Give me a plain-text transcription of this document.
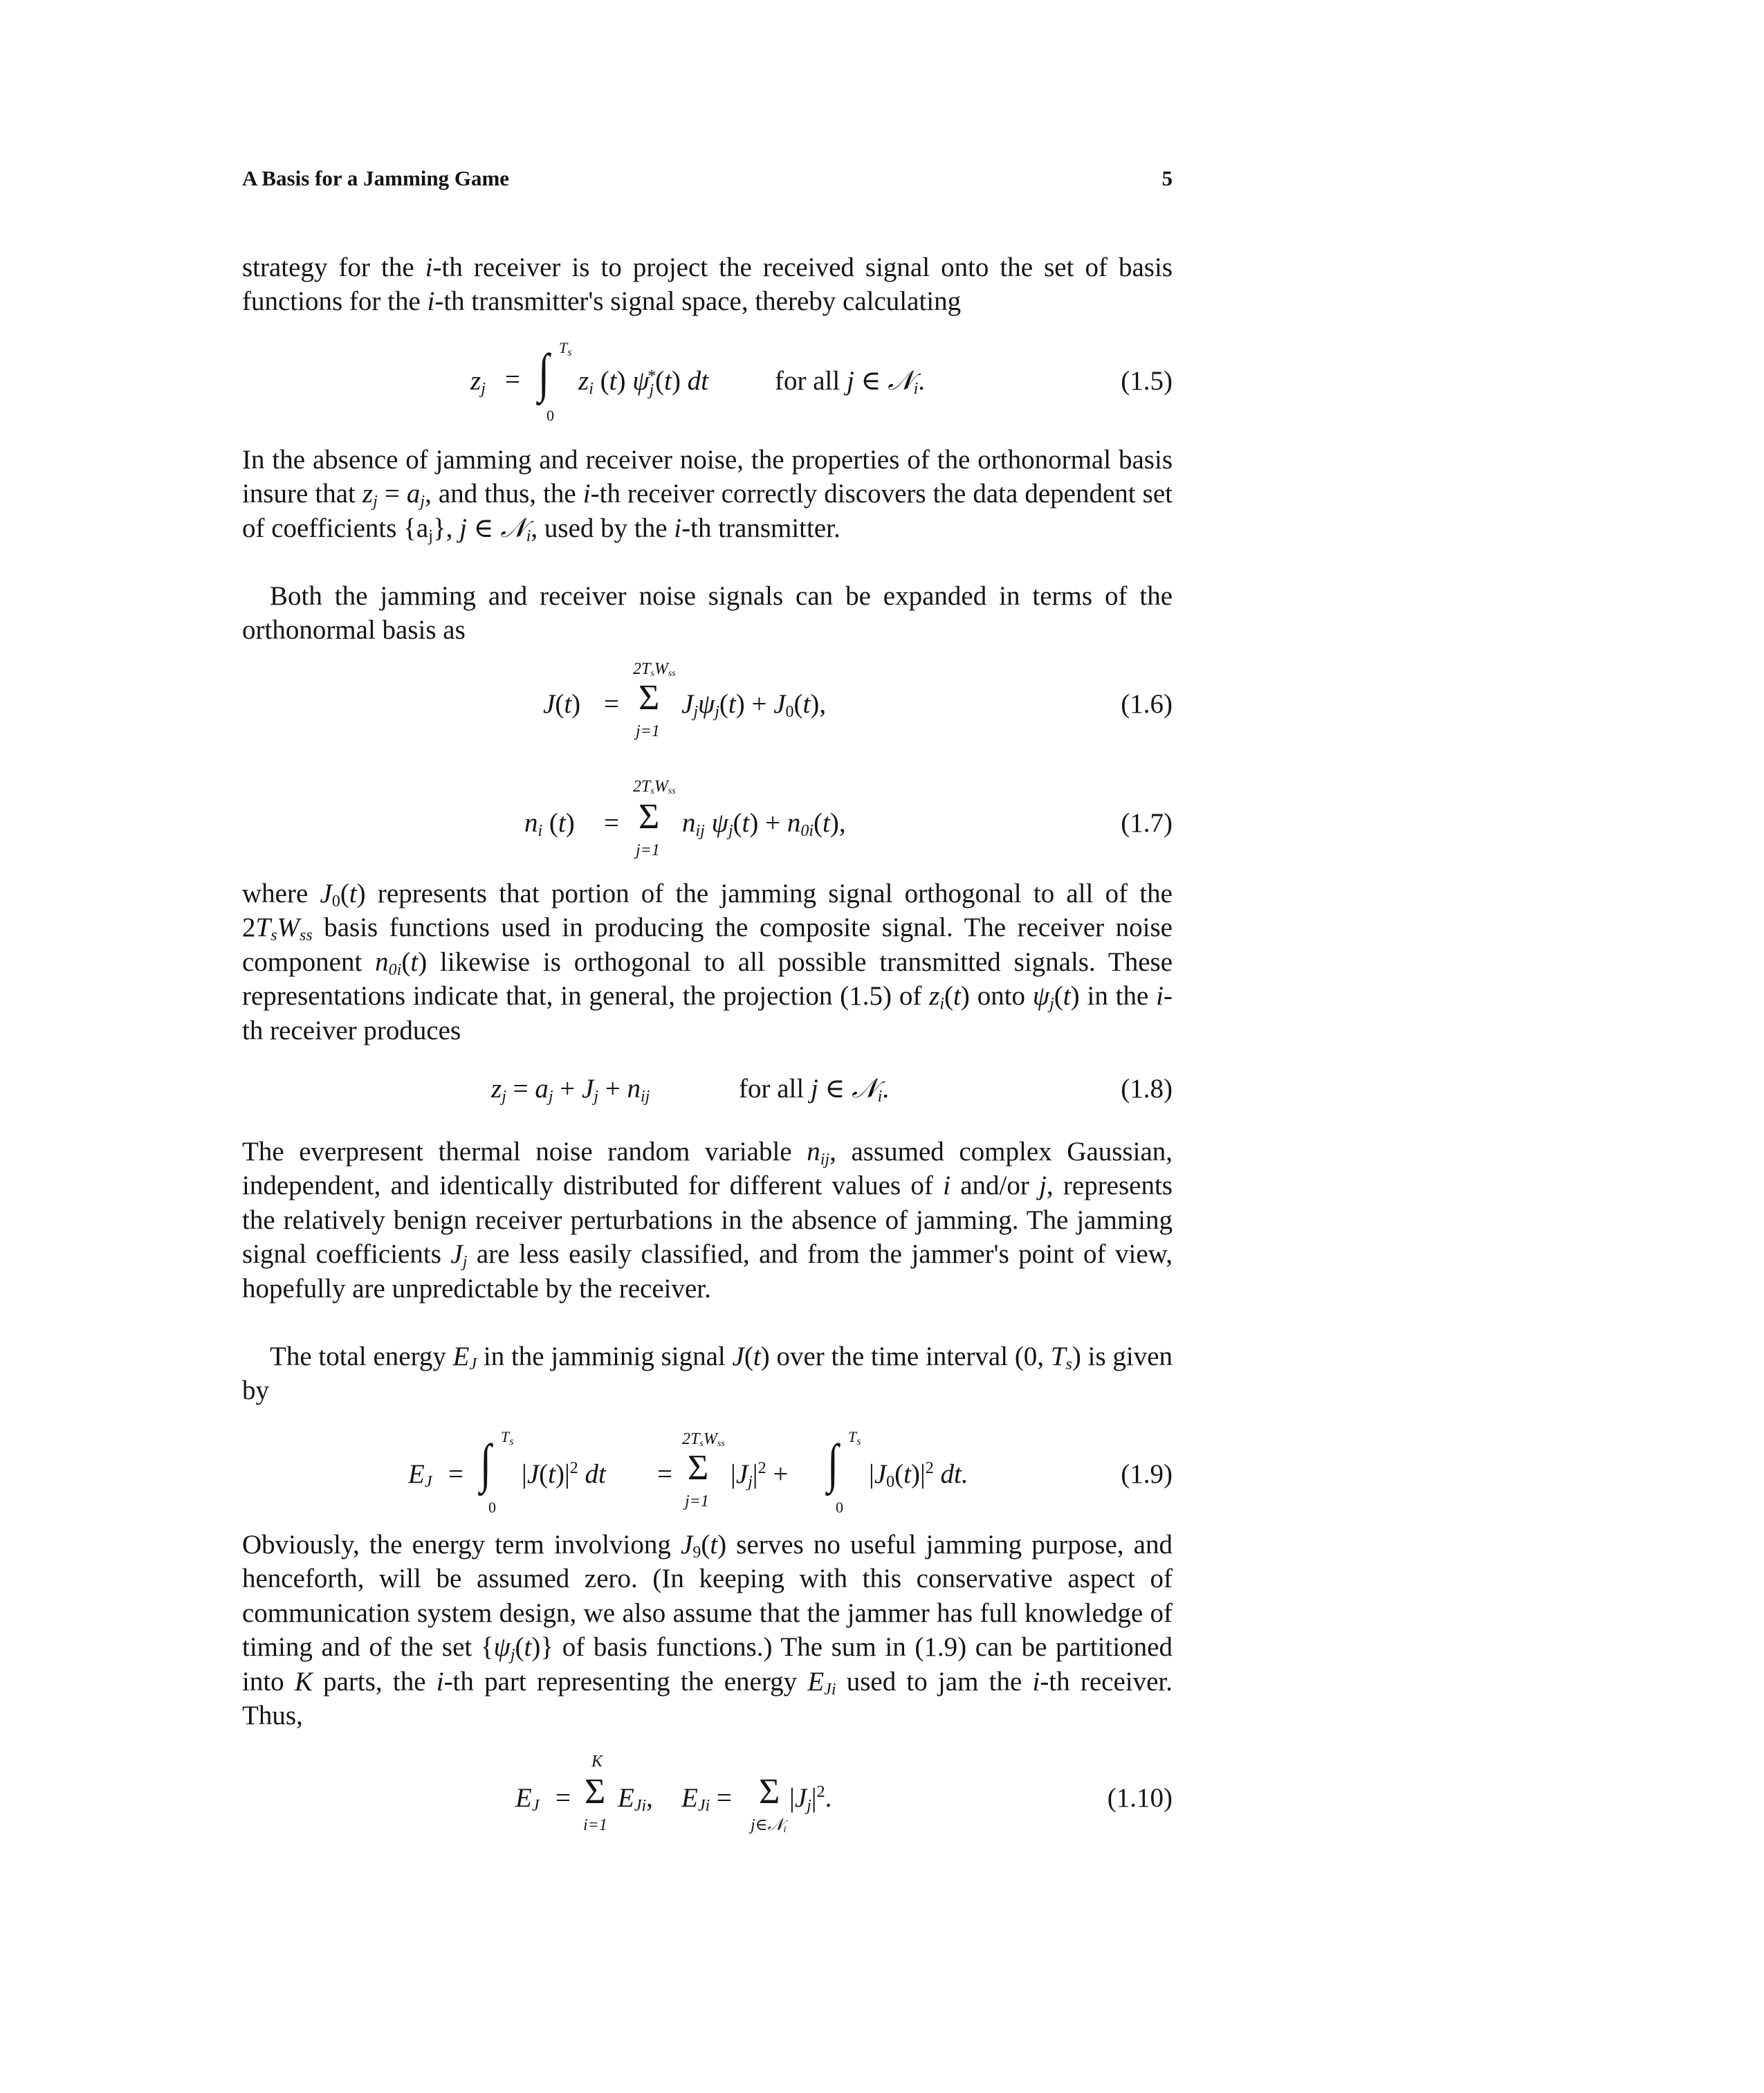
A Basis for a Jamming Game	5
strategy for the i-th receiver is to project the received signal onto the set of basis functions for the i-th transmitter's signal space, thereby calculating
$z_j$ = ∫ $T_s$
0
$z_i$ (t) $\psi_j^*(t)$ dt for all j ∈ 𝒩$_i$.	(1.5)
In the absence of jamming and receiver noise, the properties of the orthonormal basis insure that $z_j = a_j$, and thus, the i-th receiver correctly discovers the data dependent set of coefficients $\{a_j\}$, j ∈ 𝒩$_i$, used by the i-th transmitter.
Both the jamming and receiver noise signals can be expanded in terms of the orthonormal basis as
J(t) =
$2T_sW_{ss}$
Σ
j=1
$J_j\psi_j(t) + J_0(t)$,	(1.6)
$n_i$ (t) =
$2T_sW_{ss}$
Σ
j=1
$n_{ij}$ $\psi_j(t) + n_{0i}(t)$,	(1.7)
where $J_0(t)$ represents that portion of the jamming signal orthogonal to all of the $2T_sW_{ss}$ basis functions used in producing the composite signal. The receiver noise component $n_{0i}(t)$ likewise is orthogonal to all possible transmitted signals. These representations indicate that, in general, the projection (1.5) of $z_i(t)$ onto $\psi_j(t)$ in the i-th receiver produces
$z_j = a_j + J_j + n_{ij}$	for all j ∈ 𝒩$_i$.	(1.8)
The everpresent thermal noise random variable $n_{ij}$, assumed complex Gaussian, independent, and identically distributed for different values of i and/or j, represents the relatively benign receiver perturbations in the absence of jamming. The jamming signal coefficients $J_j$ are less easily classified, and from the jammer's point of view, hopefully are unpredictable by the receiver.
The total energy $E_J$ in the jamminig signal J(t) over the time interval (0, $T_s$) is given by
$E_J$ = ∫ $T_s$
0
$|J(t)|^2$ dt =
$2T_sW_{ss}$
Σ
j=1
$|J_j|^2$ + ∫ $T_s$
0
$|J_0(t)|^2$ dt.	(1.9)
Obviously, the energy term involviong $J_9(t)$ serves no useful jamming purpose, and henceforth, will be assumed zero. (In keeping with this conservative aspect of communication system design, we also assume that the jammer has full knowledge of timing and of the set $\{\psi_j(t)\}$ of basis functions.) The sum in (1.9) can be partitioned into K parts, the i-th part representing the energy $E_{Ji}$ used to jam the i-th receiver. Thus,
$E_J$ =
K
Σ
i=1
$E_{Ji}$, $E_{Ji} = \Sigma$
j∈𝒩$_i$
$|J_j|^2$.	(1.10)
